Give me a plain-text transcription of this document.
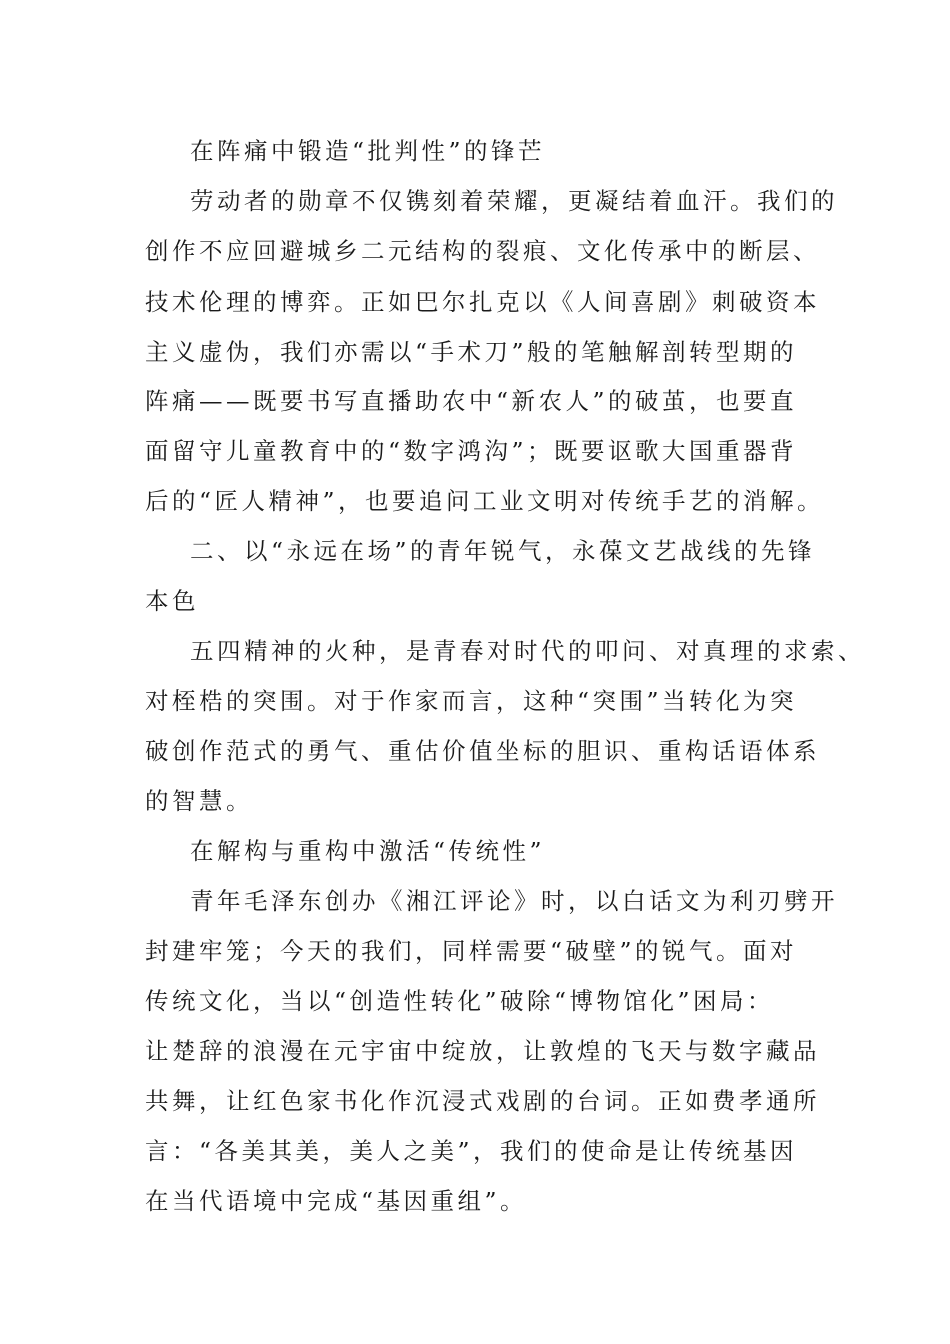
在阵痛中锻造“批判性”的锋芒
劳动者的勋章不仅镌刻着荣耀，更凝结着血汗。我们的
创作不应回避城乡二元结构的裂痕、文化传承中的断层、
技术伦理的博弈。正如巴尔扎克以《人间喜剧》刺破资本
主义虚伪，我们亦需以“手术刀”般的笔触解剖转型期的
阵痛——既要书写直播助农中“新农人”的破茧，也要直
面留守儿童教育中的“数字鸿沟”；既要讴歌大国重器背
后的“匠人精神”，也要追问工业文明对传统手艺的消解。
二、以“永远在场”的青年锐气，永葆文艺战线的先锋
本色
五四精神的火种，是青春对时代的叩问、对真理的求索、
对桎梏的突围。对于作家而言，这种“突围”当转化为突
破创作范式的勇气、重估价值坐标的胆识、重构话语体系
的智慧。
在解构与重构中激活“传统性”
青年毛泽东创办《湘江评论》时，以白话文为利刃劈开
封建牢笼；今天的我们，同样需要“破壁”的锐气。面对
传统文化，当以“创造性转化”破除“博物馆化”困局：
让楚辞的浪漫在元宇宙中绽放，让敦煌的飞天与数字藏品
共舞，让红色家书化作沉浸式戏剧的台词。正如费孝通所
言：“各美其美，美人之美”，我们的使命是让传统基因
在当代语境中完成“基因重组”。
